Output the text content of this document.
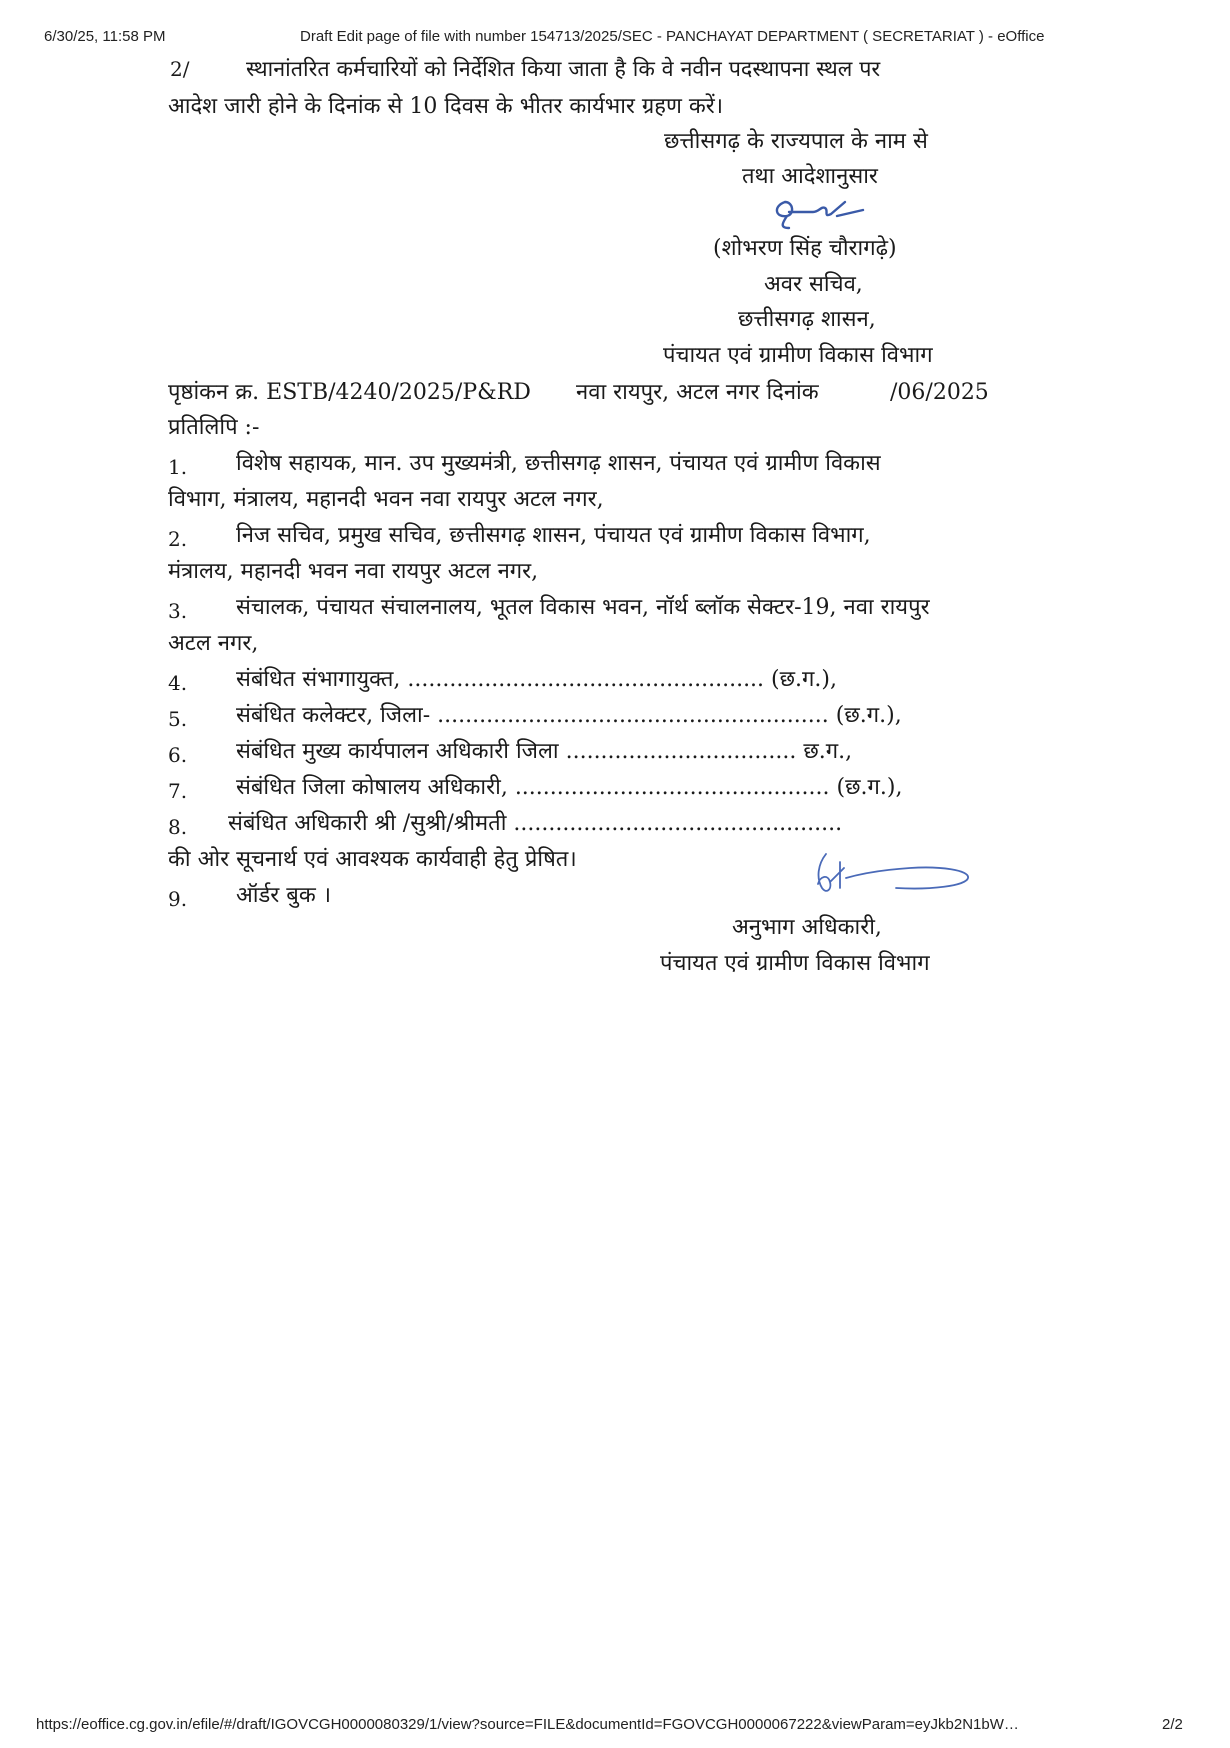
6/30/25, 11:58 PM	Draft Edit page of file with number 154713/2025/SEC - PANCHAYAT DEPARTMENT ( SECRETARIAT ) - eOffice
2/	स्थानांतरित कर्मचारियों को निर्देशित किया जाता है कि वे नवीन पदस्थापना स्थल पर
आदेश जारी होने के दिनांक से 10 दिवस के भीतर कार्यभार ग्रहण करें।
छत्तीसगढ़ के राज्यपाल के नाम से
तथा आदेशानुसार
(शोभरण सिंह चौरागढ़े)
अवर सचिव,
छत्तीसगढ़ शासन,
पंचायत एवं ग्रामीण विकास विभाग
पृष्ठांकन क्र. ESTB/4240/2025/P&RD नवा रायपुर, अटल नगर दिनांक	/06/2025
प्रतिलिपि :-
1. विशेष सहायक, मान. उप मुख्यमंत्री, छत्तीसगढ़ शासन, पंचायत एवं ग्रामीण विकास
विभाग, मंत्रालय, महानदी भवन नवा रायपुर अटल नगर,
2. निज सचिव, प्रमुख सचिव, छत्तीसगढ़ शासन, पंचायत एवं ग्रामीण विकास विभाग,
मंत्रालय, महानदी भवन नवा रायपुर अटल नगर,
3. संचालक, पंचायत संचालनालय, भूतल विकास भवन, नॉर्थ ब्लॉक सेक्टर-19, नवा रायपुर
अटल नगर,
4. संबंधित संभागायुक्त, ................................................... (छ.ग.),
5. संबंधित कलेक्टर, जिला- ........................................................ (छ.ग.),
6. संबंधित मुख्य कार्यपालन अधिकारी जिला ................................. छ.ग.,
7. संबंधित जिला कोषालय अधिकारी, ............................................. (छ.ग.),
8. संबंधित अधिकारी श्री /सुश्री/श्रीमती ...............................................
की ओर सूचनार्थ एवं आवश्यक कार्यवाही हेतु प्रेषित।
9. ऑर्डर बुक ।
अनुभाग अधिकारी,
पंचायत एवं ग्रामीण विकास विभाग
https://eoffice.cg.gov.in/efile/#/draft/IGOVCGH0000080329/1/view?source=FILE&documentId=FGOVCGH0000067222&viewParam=eyJkb2N1bW…	2/2
